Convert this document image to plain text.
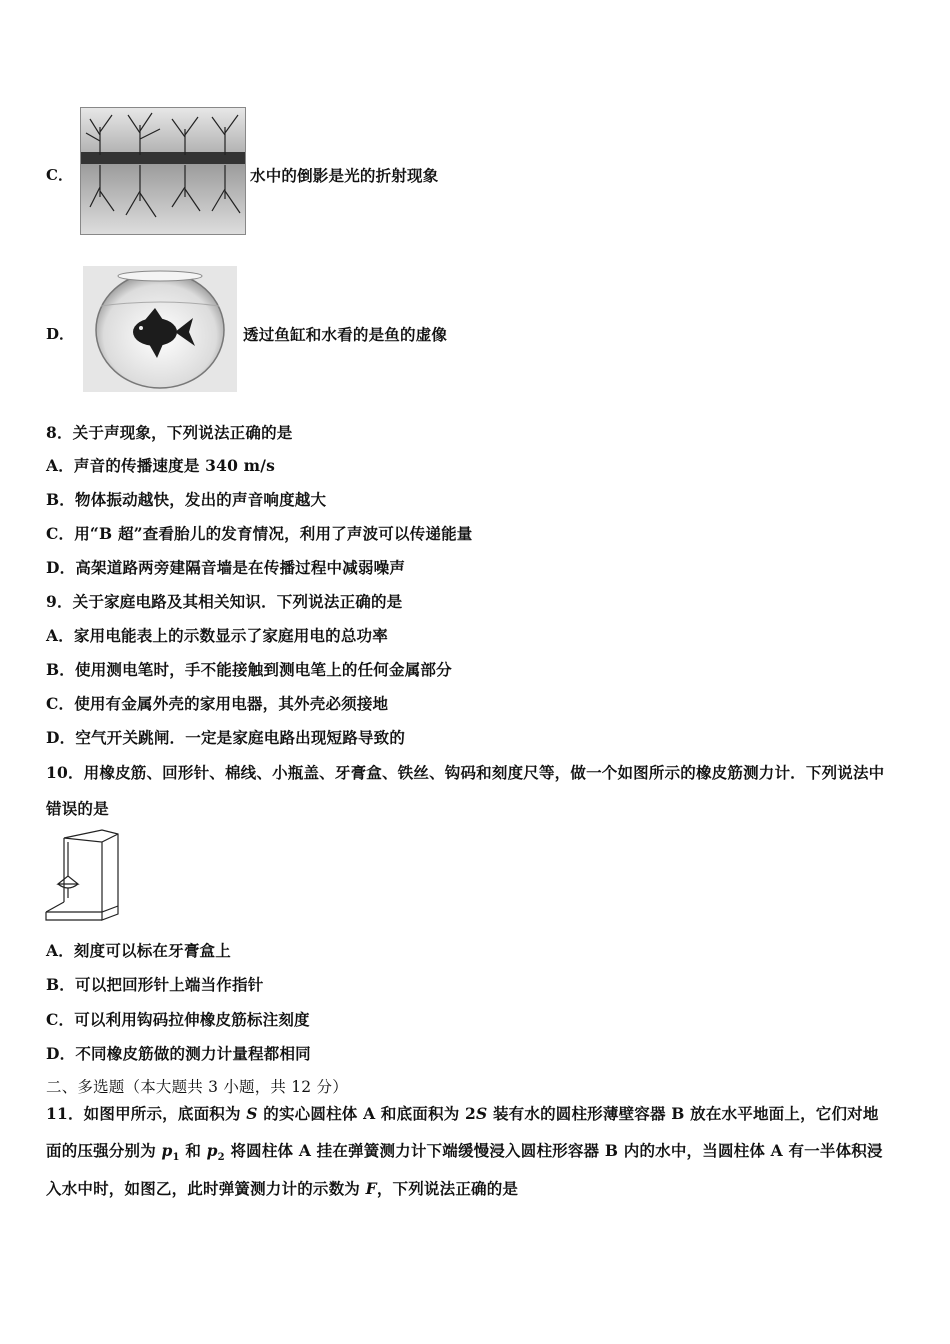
C．	水中的倒影是光的折射现象
D．	透过鱼缸和水看的是鱼的虚像
8．关于声现象，下列说法正确的是
A．声音的传播速度是 340 m/s
B．物体振动越快，发出的声音响度越大
C．用“B 超”查看胎儿的发育情况，利用了声波可以传递能量
D．高架道路两旁建隔音墙是在传播过程中减弱噪声
9．关于家庭电路及其相关知识．下列说法正确的是
A．家用电能表上的示数显示了家庭用电的总功率
B．使用测电笔时，手不能接触到测电笔上的任何金属部分
C．使用有金属外壳的家用电器，其外壳必须接地
D．空气开关跳闸．一定是家庭电路出现短路导致的
10．用橡皮筋、回形针、棉线、小瓶盖、牙膏盒、铁丝、钩码和刻度尺等，做一个如图所示的橡皮筋测力计．下列说法中
错误的是
A．刻度可以标在牙膏盒上
B．可以把回形针上端当作指针
C．可以利用钩码拉伸橡皮筋标注刻度
D．不同橡皮筋做的测力计量程都相同
二、多选题（本大题共 3 小题，共 12 分）
11．如图甲所示，底面积为 S 的实心圆柱体 A 和底面积为 2S 装有水的圆柱形薄壁容器 B 放在水平地面上，它们对地
面的压强分别为 $p_1$ 和 $p_2$ 将圆柱体 A 挂在弹簧测力计下端缓慢浸入圆柱形容器 B 内的水中，当圆柱体 A 有一半体积浸
入水中时，如图乙，此时弹簧测力计的示数为 F，下列说法正确的是
